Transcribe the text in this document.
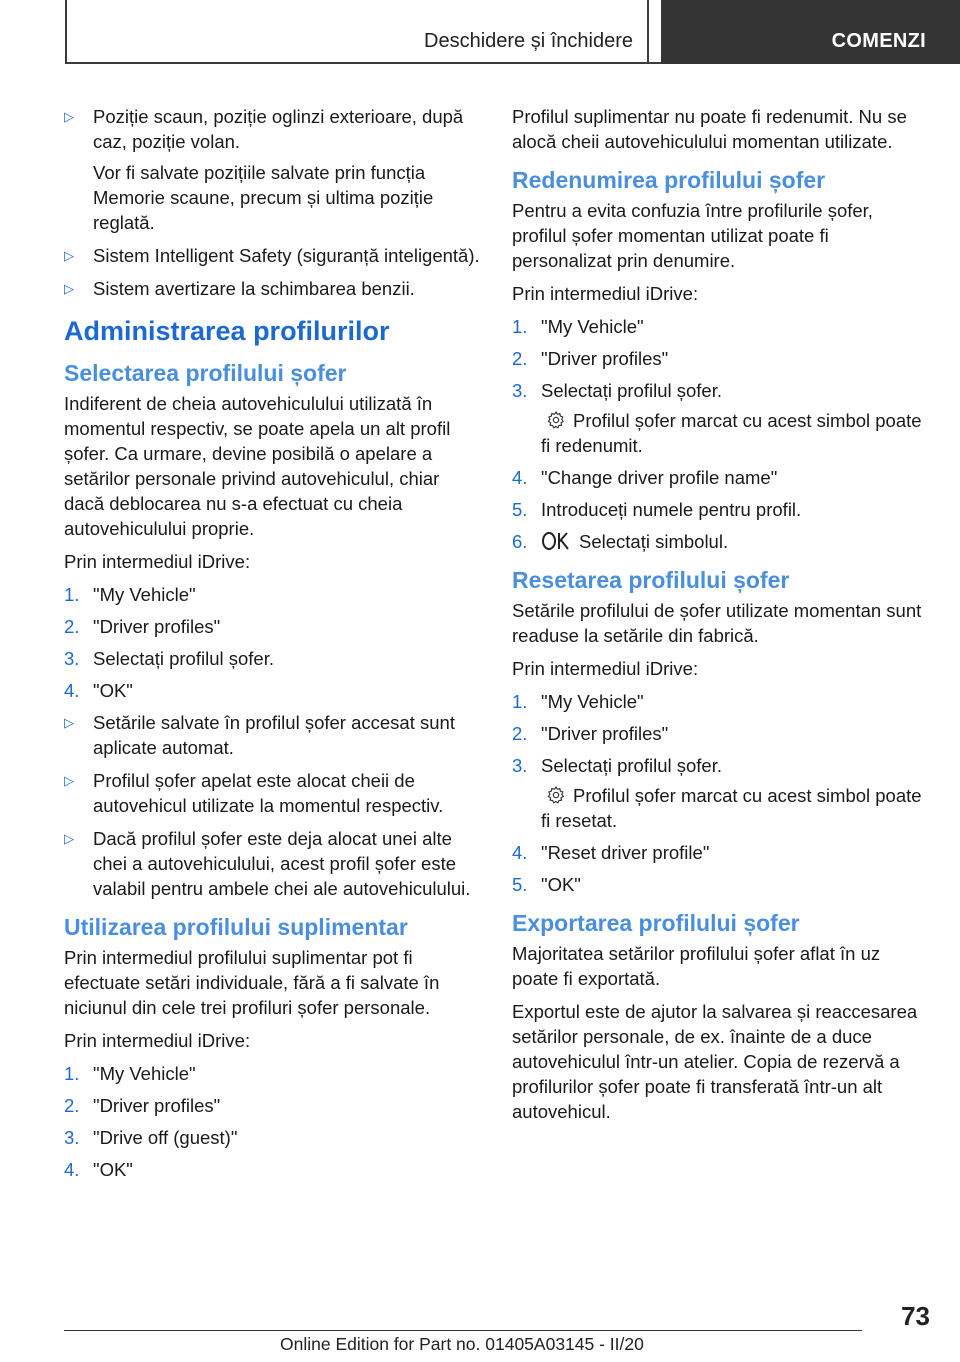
Deschidere și închidere	COMENZI
▷ Poziție scaun, poziție oglinzi exterioare, după caz, poziție volan.
Vor fi salvate pozițiile salvate prin funcția Memorie scaune, precum și ultima poziție reglată.
▷ Sistem Intelligent Safety (siguranță inteligentă).
▷ Sistem avertizare la schimbarea benzii.
Administrarea profilurilor
Selectarea profilului șofer

Indiferent de cheia autovehiculului utilizată în momentul respectiv, se poate apela un alt profil șofer. Ca urmare, devine posibilă o apelare a setărilor personale privind autovehiculul, chiar dacă deblocarea nu s-a efectuat cu cheia autovehiculului proprie.

Prin intermediul iDrive:

1. "My Vehicle"
2. "Driver profiles"
3. Selectați profilul șofer.
4. "OK"
▷ Setările salvate în profilul șofer accesat sunt aplicate automat.
▷ Profilul șofer apelat este alocat cheii de autovehicul utilizate la momentul respectiv.
▷ Dacă profilul șofer este deja alocat unei alte chei a autovehiculului, acest profil șofer este valabil pentru ambele chei ale autovehiculului.
Utilizarea profilului suplimentar

Prin intermediul profilului suplimentar pot fi efectuate setări individuale, fără a fi salvate în niciunul din cele trei profiluri șofer personale.

Prin intermediul iDrive:

1. "My Vehicle"
2. "Driver profiles"
3. "Drive off (guest)"
4. "OK"

Profilul suplimentar nu poate fi redenumit. Nu se alocă cheii autovehiculului momentan utilizate.

Redenumirea profilului șofer

Pentru a evita confuzia între profilurile șofer, profilul șofer momentan utilizat poate fi personalizat prin denumire.

Prin intermediul iDrive:

1. "My Vehicle"
2. "Driver profiles"
3. Selectați profilul șofer.
Profilul șofer marcat cu acest simbol poate fi redenumit.
4. "Change driver profile name"
5. Introduceți numele pentru profil.
6.	Selectați simbolul.
Resetarea profilului șofer

Setările profilului de șofer utilizate momentan sunt readuse la setările din fabrică.

Prin intermediul iDrive:

1. "My Vehicle"
2. "Driver profiles"
3. Selectați profilul șofer.
Profilul șofer marcat cu acest simbol poate fi resetat.
4. "Reset driver profile"
5. "OK"
Exportarea profilului șofer

Majoritatea setărilor profilului șofer aflat în uz poate fi exportată.

Exportul este de ajutor la salvarea și reaccesarea setărilor personale, de ex. înainte de a duce autovehiculul într-un atelier. Copia de rezervă a profilurilor șofer poate fi transferată într-un alt autovehicul.

73
Online Edition for Part no. 01405A03145 - II/20
